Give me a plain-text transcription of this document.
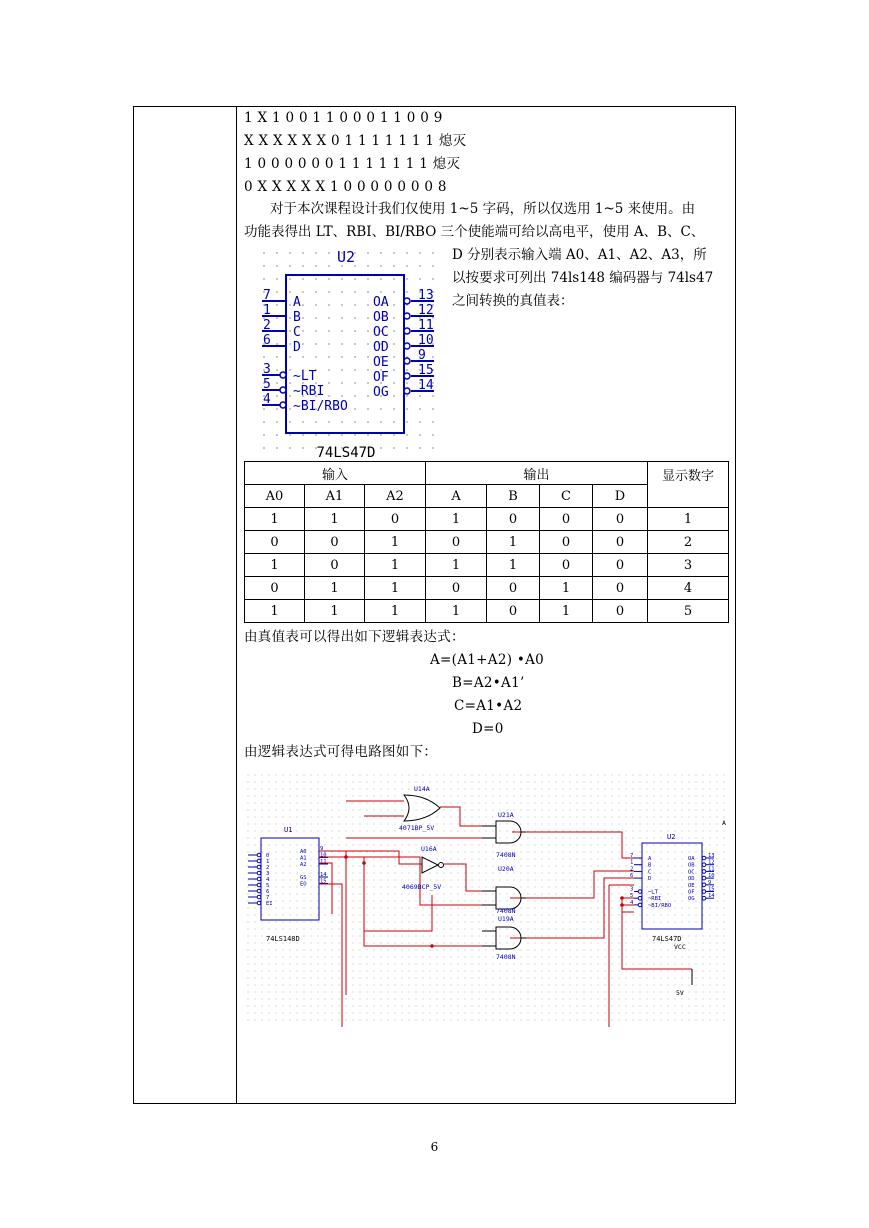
1 X 1 0 0 1 1 0 0 0 1 1 0 0 9
X X X X X X 0 1 1 1 1 1 1 1 熄灭
1 0 0 0 0 0 0 1 1 1 1 1 1 1 熄灭
0 X X X X X 1 0 0 0 0 0 0 0 8
对于本次课程设计我们仅使用 1~5 字码，所以仅选用 1~5 来使用。由
功能表得出 LT、RBI、BI/RBO 三个使能端可给以高电平，使用 A、B、C、
D 分别表示输入端 A0、A1、A2、A3，所
以按要求可列出 74ls148 编码器与 74ls47
之间转换的真值表：
U2
74LS47D
7 A
1 B
2 C
6 D
3 ~LT
5 ~RBI
4 ~BI/RBO
13
OA
12
OB
11
OC
10
OD
9
OE
15
OF
14
OG
输入			输出				显示数字
A0	A1	A2	A	B	C	D	
1	1	0	1	0	0	0	1
0	0	1	0	1	0	0	2
1	0	1	1	1	0	0	3
0	1	1	0	0	1	0	4
1	1	1	1	0	1	0	5
由真值表可以得出如下逻辑表达式：
A=(A1+A2) •A0
B=A2•A1’
C=A1•A2
D=0
由逻辑表达式可得电路图如下：
U1
74LS148D
0
1
2
3
4
5
6
7
EI
A0 9
A1 10
A2 11
GS 14
EO 15
U14A
4071BP_5V
U16A
4069BCP_5V
U21A
7408N
U20A
7408N
U19A
7408N
U2
74LS47D
VCC
5V
A
A
7
B
1
C
2
D
6
~LT
3
~RBI
5
~BI/RBO
4
OA 13
OB 12
OC 11
OD 10
OE 9
OF 15
OG 14
6
